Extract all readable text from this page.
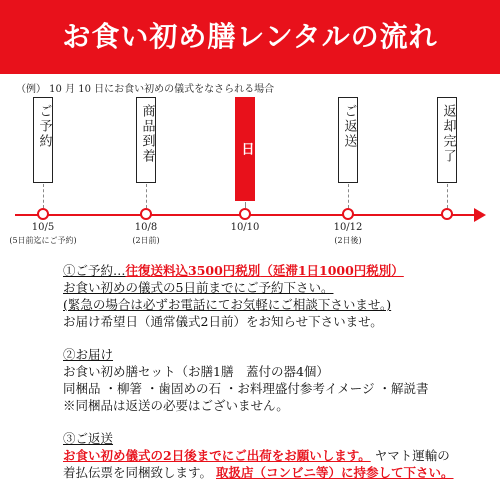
お食い初め膳レンタルの流れ
（例） 10 月 10 日にお食い初めの儀式をなさられる場合
ご予約	商品到着	お食い初め当日	ご返送	返却完了
10/5
(5日前迄にご予約)
10/8
(2日前)
10/10	10/12
(2日後)
①ご予約…往復送料込3500円税別（延滞1日1000円税別）
お食い初めの儀式の5日前までにご予約下さい。
(緊急の場合は必ずお電話にてお気軽にご相談下さいませ。)
お届け希望日（通常儀式2日前）をお知らせ下さいませ。
②お届け
お食い初め膳セット（お膳1膳　蓋付の器4個）
同梱品 ・柳箸 ・歯固めの石 ・お料理盛付参考イメージ ・解説書
※同梱品は返送の必要はございません。
③ご返送
お食い初め儀式の2日後までにご出荷をお願いします。 ヤマト運輸の
着払伝票を同梱致します。 取扱店（コンビニ等）に持参して下さい。
